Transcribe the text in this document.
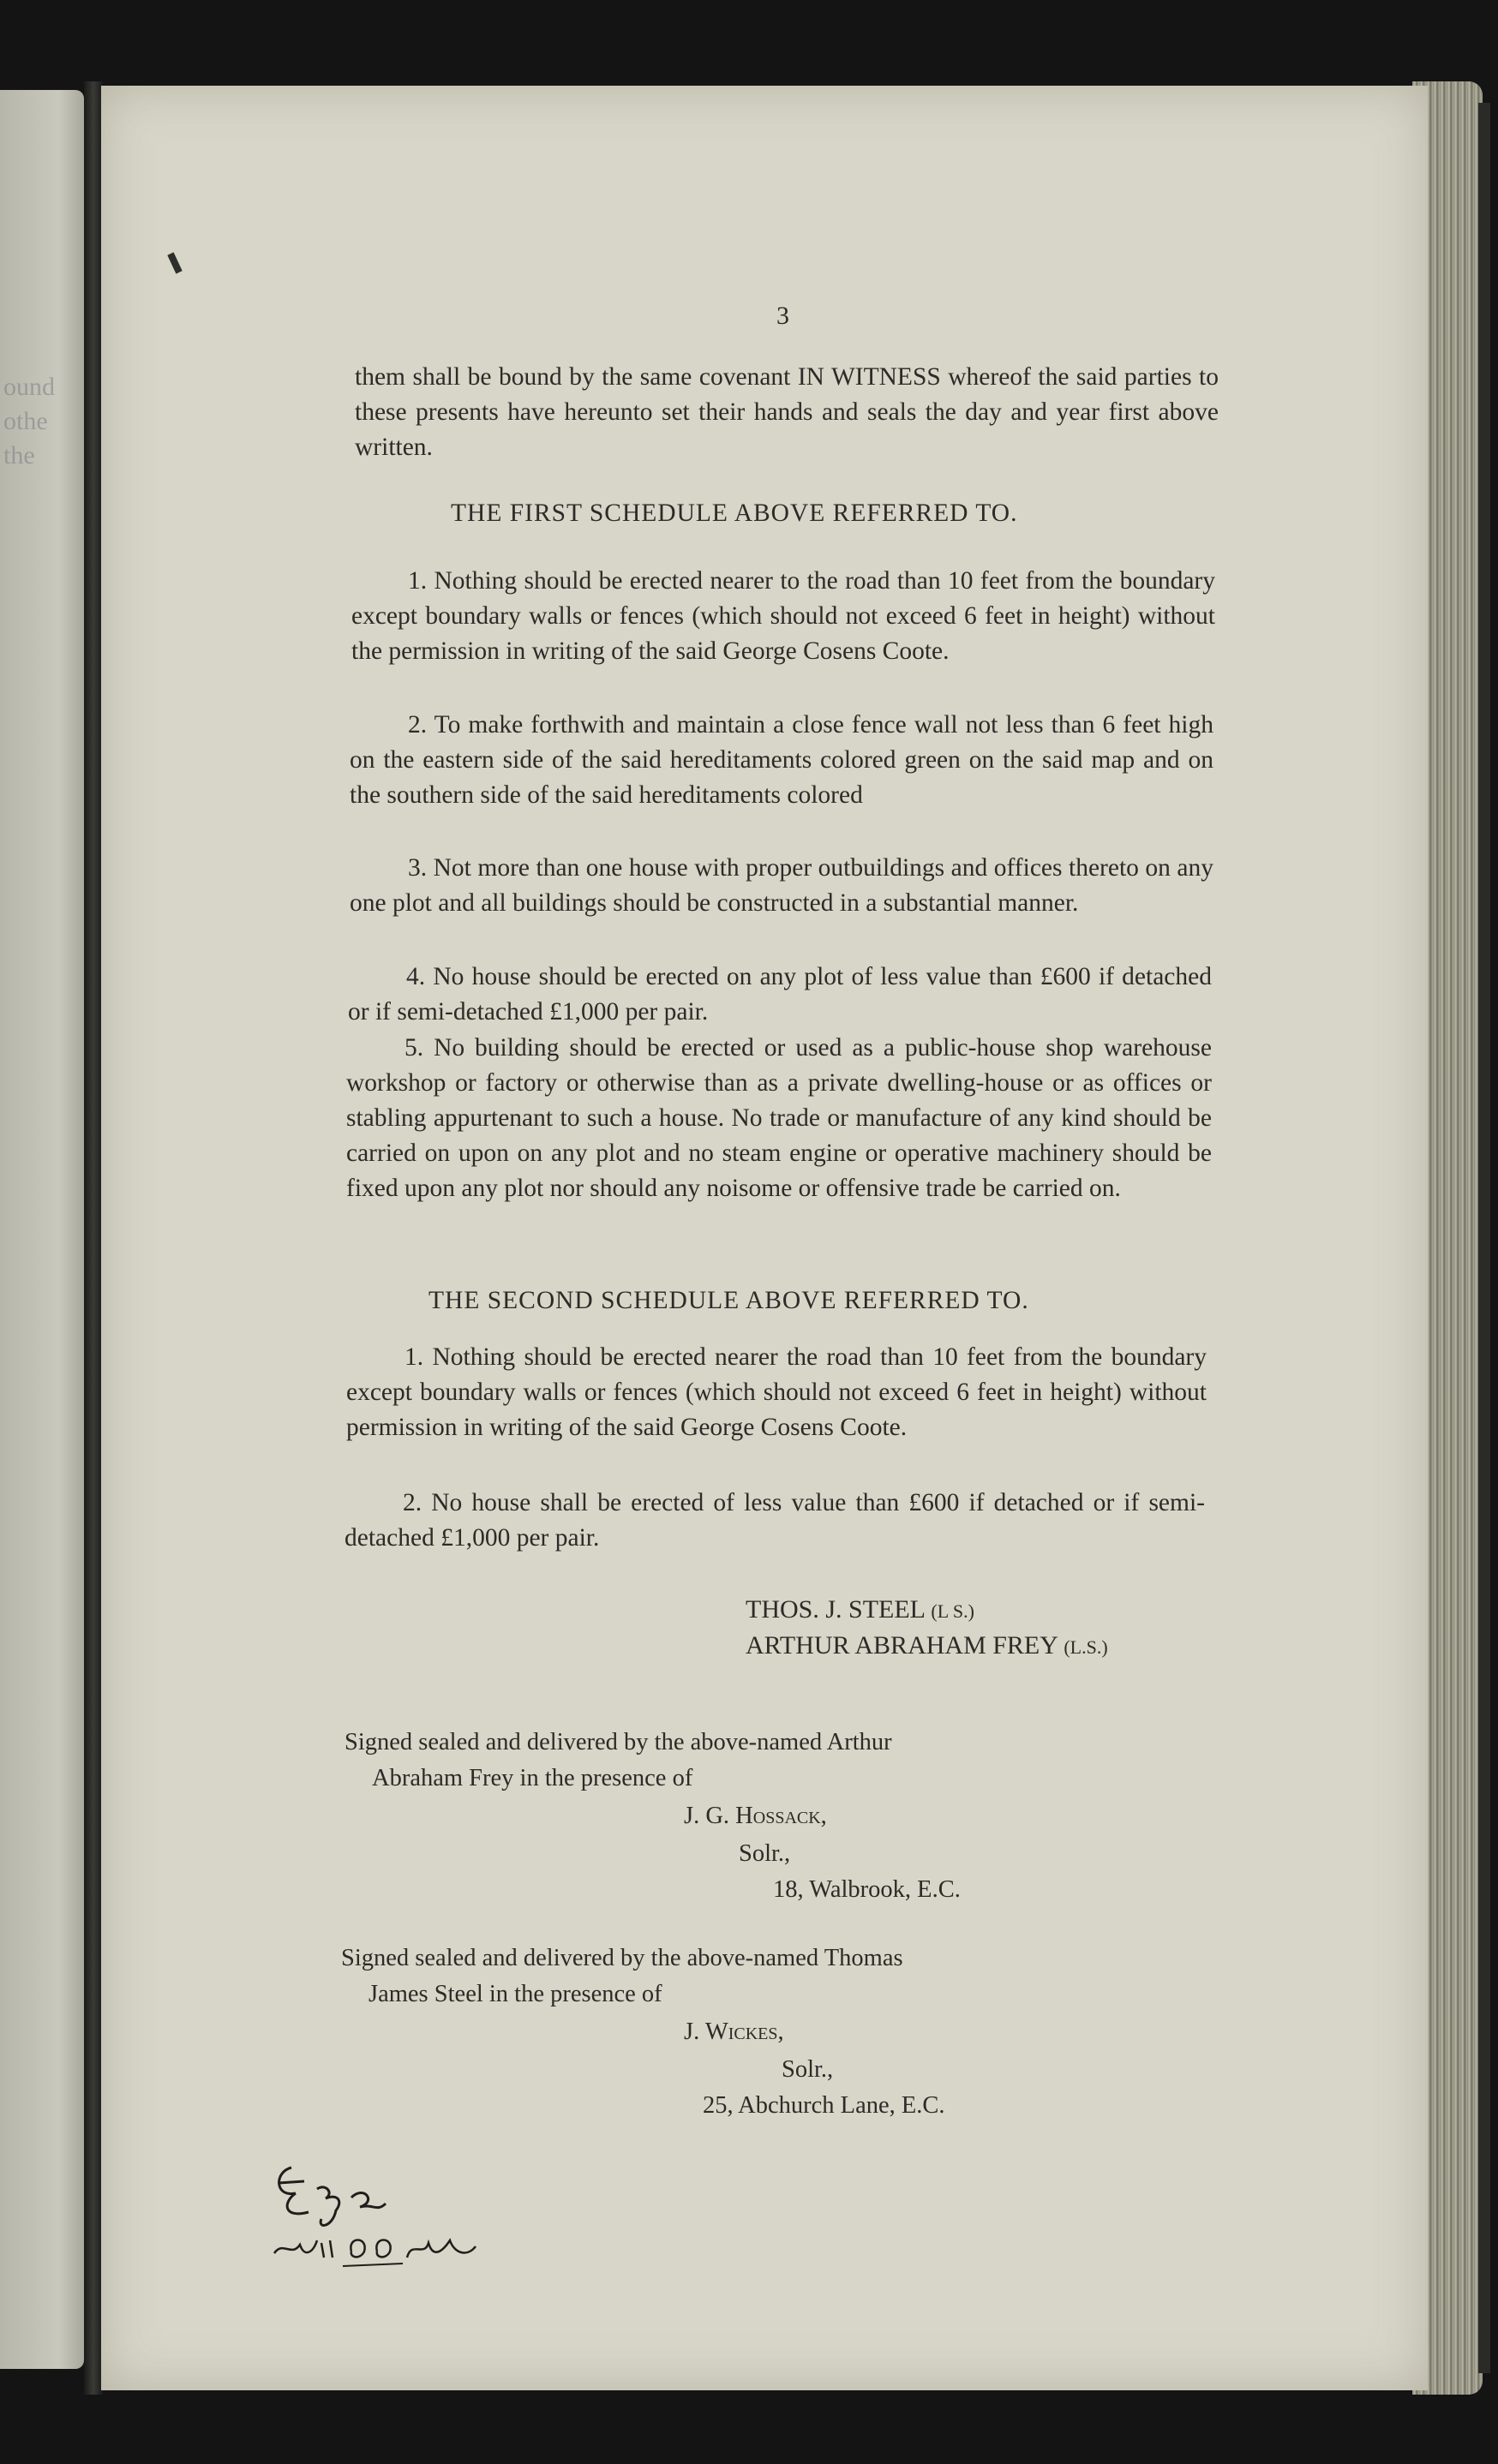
ound
othe
the
3
them shall be bound by the same covenant IN WITNESS whereof the said parties to these presents have hereunto set their hands and seals the day and year first above written.
THE FIRST SCHEDULE ABOVE REFERRED TO.
1. Nothing should be erected nearer to the road than 10 feet from the boundary except boundary walls or fences (which should not exceed 6 feet in height) without the permission in writing of the said George Cosens Coote.
2. To make forthwith and maintain a close fence wall not less than 6 feet high on the eastern side of the said hereditaments colored green on the said map and on the southern side of the said hereditaments colored
3. Not more than one house with proper outbuildings and offices thereto on any one plot and all buildings should be constructed in a substantial manner.
4. No house should be erected on any plot of less value than £600 if detached or if semi-detached £1,000 per pair.
5. No building should be erected or used as a public-house shop warehouse workshop or factory or otherwise than as a private dwelling-house or as offices or stabling appurtenant to such a house. No trade or manufacture of any kind should be carried on upon on any plot and no steam engine or operative machinery should be fixed upon any plot nor should any noisome or offensive trade be carried on.
THE SECOND SCHEDULE ABOVE REFERRED TO.
1. Nothing should be erected nearer the road than 10 feet from the boundary except boundary walls or fences (which should not exceed 6 feet in height) without permission in writing of the said George Cosens Coote.
2. No house shall be erected of less value than £600 if detached or if semi-detached £1,000 per pair.
THOS. J. STEEL (L S.)
ARTHUR ABRAHAM FREY (L.S.)
Signed sealed and delivered by the above-named Arthur
Abraham Frey in the presence of
J. G. Hossack,
Solr.,
18, Walbrook, E.C.
Signed sealed and delivered by the above-named Thomas
James Steel in the presence of
J. Wickes,
Solr.,
25, Abchurch Lane, E.C.
